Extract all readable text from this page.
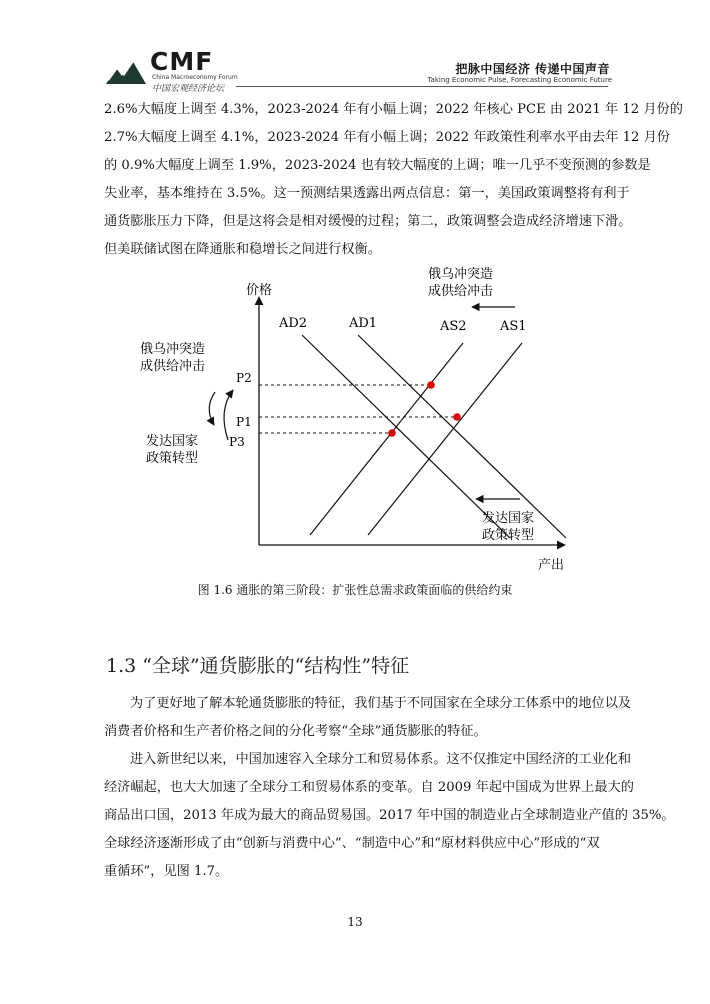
CMF
China Macroeconomy Forum
中国宏观经济论坛
把脉中国经济 传递中国声音
Taking Economic Pulse, Forecasting Economic Future

2.6%大幅度上调至 4.3%，2023-2024 年有小幅上调；2022 年核心 PCE 由 2021 年 12 月份的

2.7%大幅度上调至 4.1%，2023-2024 年有小幅上调；2022 年政策性利率水平由去年 12 月份

的 0.9%大幅度上调至 1.9%，2023-2024 也有较大幅度的上调；唯一几乎不变预测的参数是

失业率，基本维持在 3.5%。这一预测结果透露出两点信息：第一，美国政策调整将有利于

通货膨胀压力下降，但是这将会是相对缓慢的过程；第二，政策调整会造成经济增速下滑。

但美联储试图在降通胀和稳增长之间进行权衡。

价格
产出
AD2	AD1	AS2	AS1
P2
P1
P3
俄乌冲突造 成供给冲击
发达国家 政策转型
俄乌冲突造 成供给冲击
发达国家 政策转型
图 1.6 通胀的第三阶段：扩张性总需求政策面临的供给约束
1.3 “全球”通货膨胀的“结构性”特征

为了更好地了解本轮通货膨胀的特征，我们基于不同国家在全球分工体系中的地位以及

消费者价格和生产者价格之间的分化考察“全球”通货膨胀的特征。

进入新世纪以来，中国加速容入全球分工和贸易体系。这不仅推定中国经济的工业化和

经济崛起，也大大加速了全球分工和贸易体系的变革。自 2009 年起中国成为世界上最大的

商品出口国，2013 年成为最大的商品贸易国。2017 年中国的制造业占全球制造业产值的 35%。

全球经济逐渐形成了由“创新与消费中心”、“制造中心”和“原材料供应中心”形成的“双

重循环”，见图 1.7。

13
